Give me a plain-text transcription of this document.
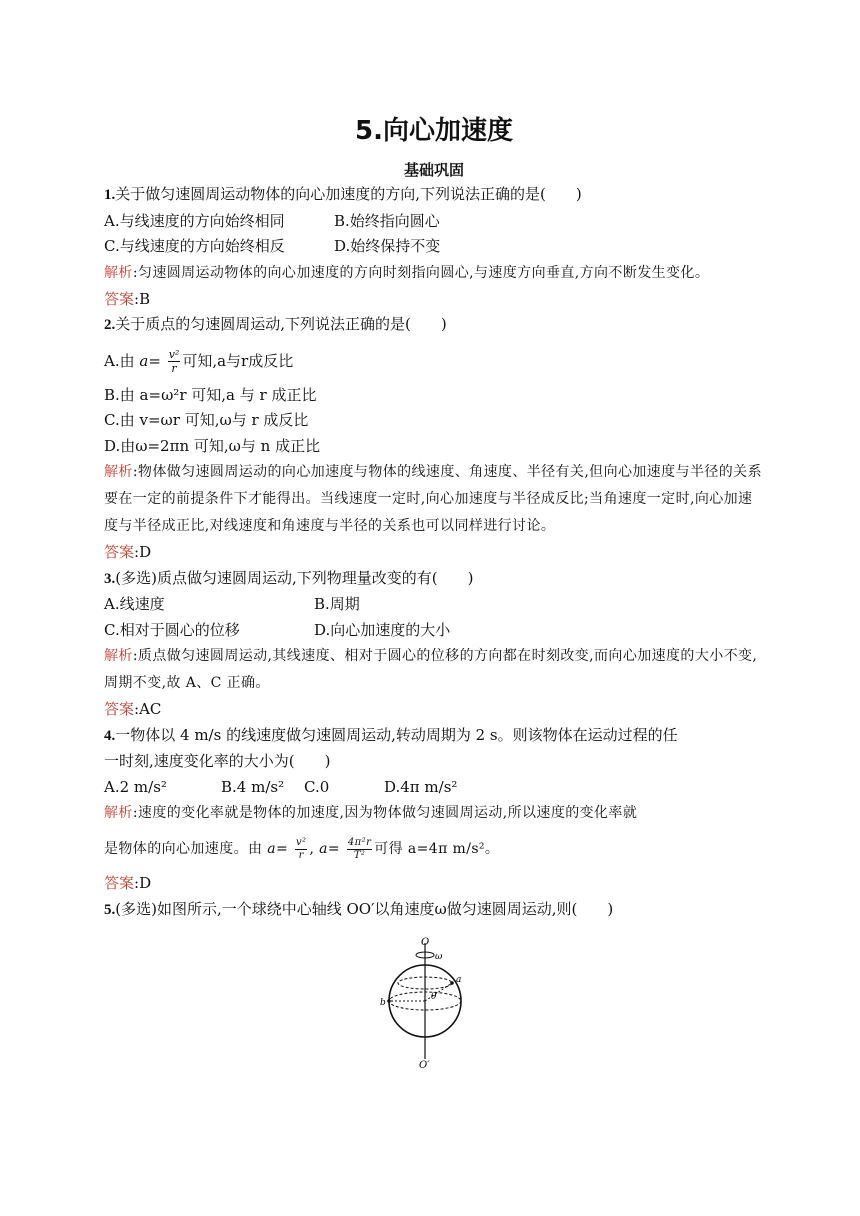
5.向心加速度
基础巩固
1.关于做匀速圆周运动物体的向心加速度的方向,下列说法正确的是(　　)
A.与线速度的方向始终相同	B.始终指向圆心
C.与线速度的方向始终相反	D.始终保持不变
解析:匀速圆周运动物体的向心加速度的方向时刻指向圆心,与速度方向垂直,方向不断发生变化。
答案:B
2.关于质点的匀速圆周运动,下列说法正确的是(　　)
A.由 $a= \frac{\text{v²}}{r}$ 可知,a与r成反比
B.由 a=ω²r 可知,a 与 r 成正比
C.由 v=ωr 可知,ω与 r 成反比
D.由ω=2πn 可知,ω与 n 成正比
解析:物体做匀速圆周运动的向心加速度与物体的线速度、角速度、半径有关,但向心加速度与半径的关系要在一定的前提条件下才能得出。当线速度一定时,向心加速度与半径成反比;当角速度一定时,向心加速度与半径成正比,对线速度和角速度与半径的关系也可以同样进行讨论。
答案:D
3.(多选)质点做匀速圆周运动,下列物理量改变的有(　　)
A.线速度	B.周期
C.相对于圆心的位移	D.向心加速度的大小
解析:质点做匀速圆周运动,其线速度、相对于圆心的位移的方向都在时刻改变,而向心加速度的大小不变,周期不变,故 A、C 正确。
答案:AC
4.一物体以 4 m/s 的线速度做匀速圆周运动,转动周期为 2 s。则该物体在运动过程的任
一时刻,速度变化率的大小为(　　)
A.2 m/s²	B.4 m/s² C.0	D.4π m/s²
解析:速度的变化率就是物体的加速度,因为物体做匀速圆周运动,所以速度的变化率就
是物体的向心加速度。由 $a= \frac{\text{v²}}{r}$ , $a= \frac{\text{4π²r}}{\text{T²}}$ 可得 a=4π m/s²。
答案:D
5.(多选)如图所示,一个球绕中心轴线 OO′以角速度ω做匀速圆周运动,则(　　)
O
ω
a
b
θ
O′
